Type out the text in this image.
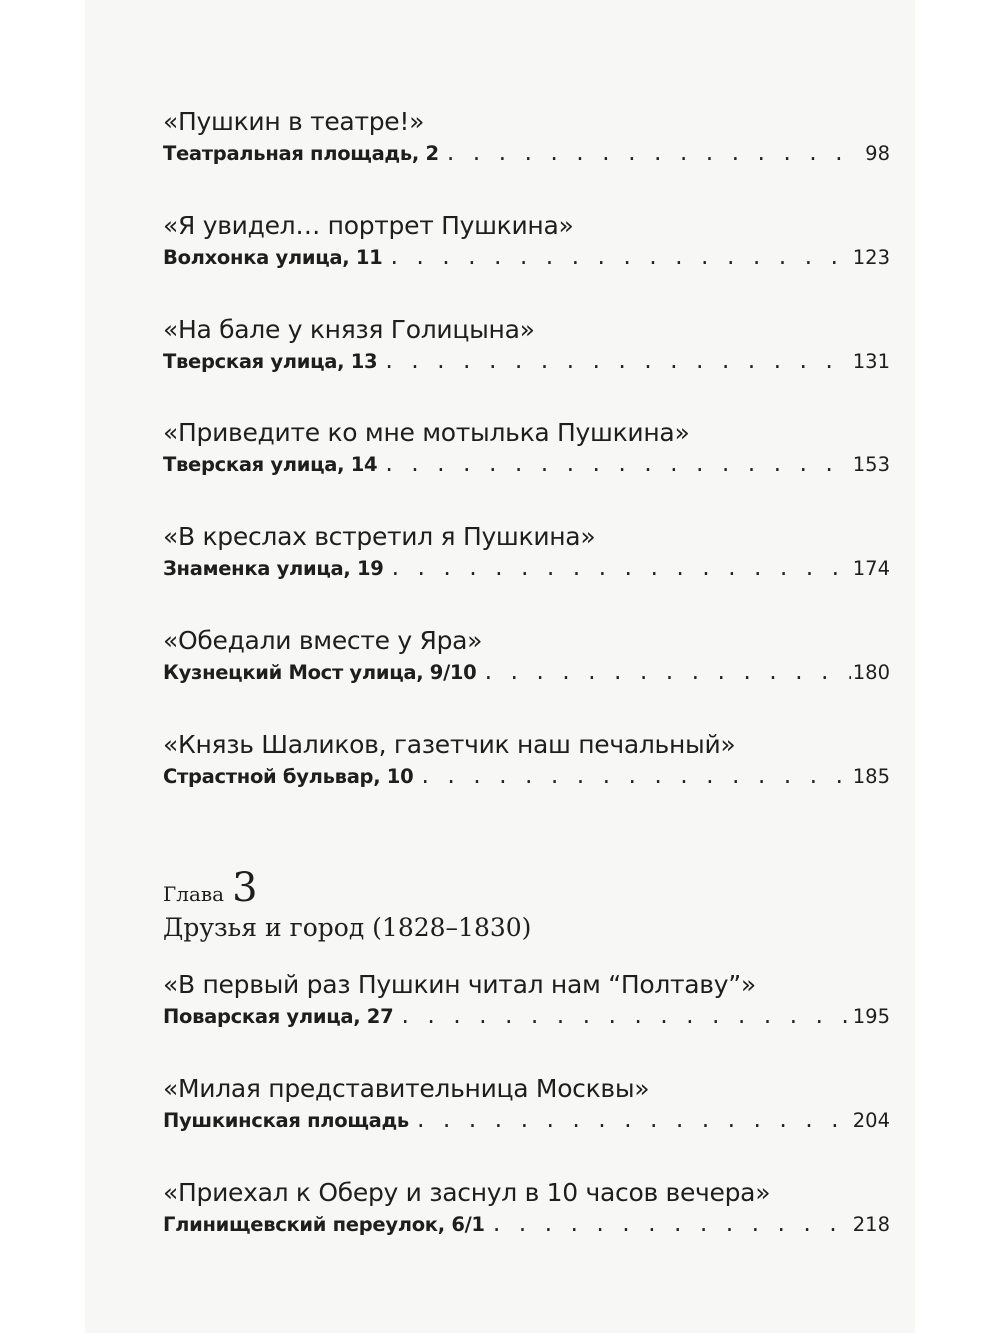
«Пушкин в театре!»
Театральная площадь, 2 . . .	98
«Я увидел… портрет Пушкина»
Волхонка улица, 11 . . .	123
«На бале у князя Голицына»
Тверская улица, 13 . . .	131
«Приведите ко мне мотылька Пушкина»
Тверская улица, 14 . . .	153
«В креслах встретил я Пушкина»
Знаменка улица, 19 . . .	174
«Обедали вместе у Яра»
Кузнецкий Мост улица, 9/10 . . .	180
«Князь Шаликов, газетчик наш печальный»
Страстной бульвар, 10 . . .	185
Глава 3
Друзья и город (1828–1830)
«В первый раз Пушкин читал нам “Полтаву”»
Поварская улица, 27 . . .	195
«Милая представительница Москвы»
Пушкинская площадь . . .	204
«Приехал к Оберу и заснул в 10 часов вечера»
Глинищевский переулок, 6/1 . . .	218
